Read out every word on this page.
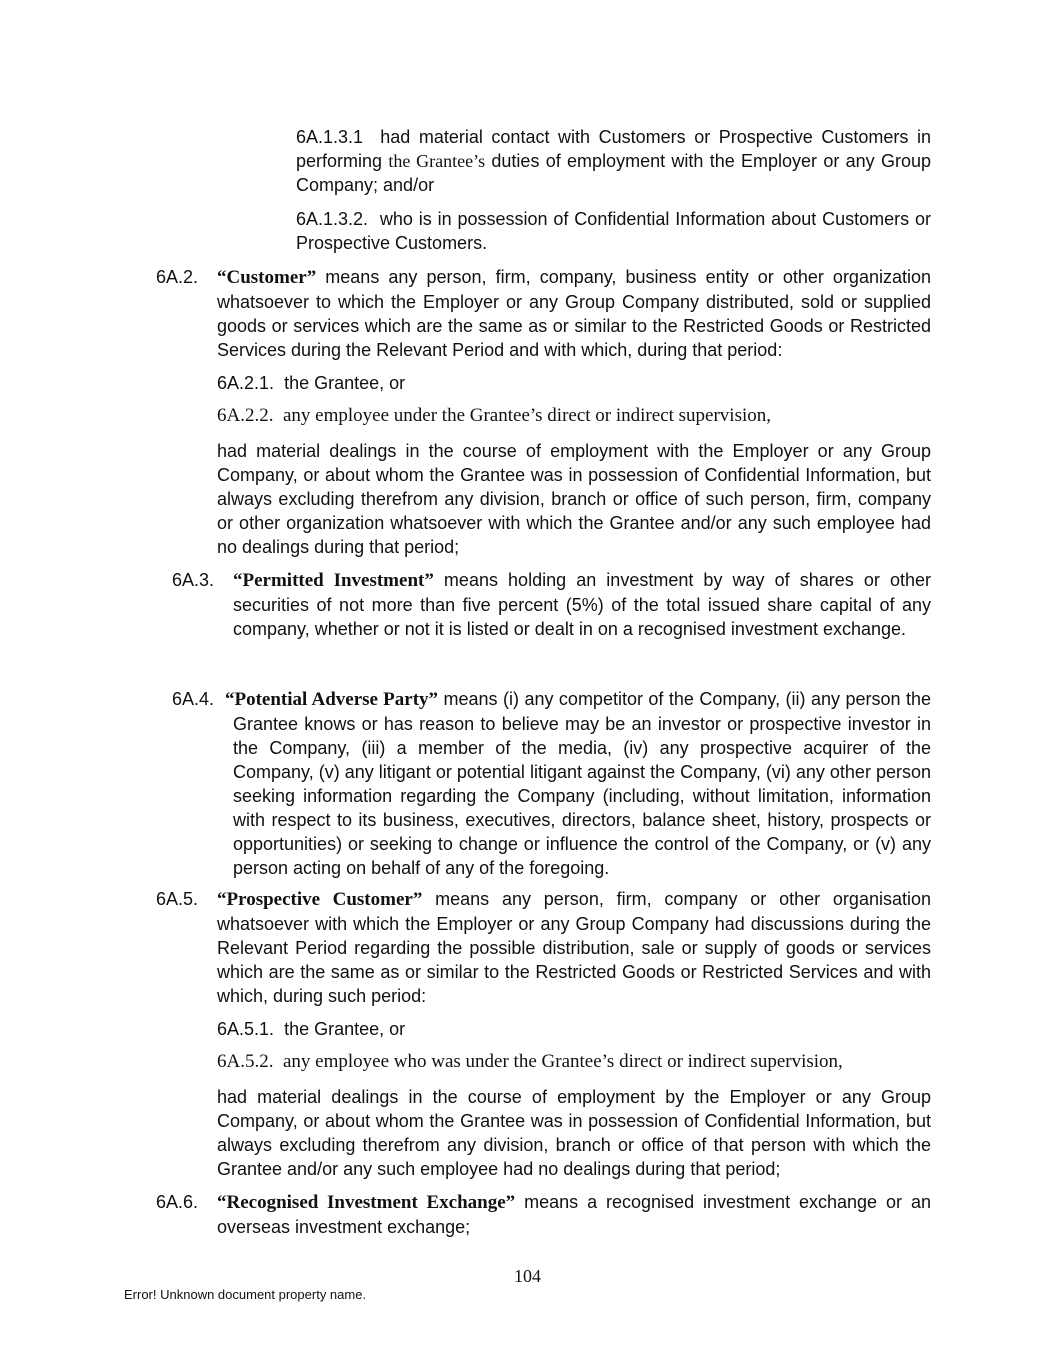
6A.1.3.1 had material contact with Customers or Prospective Customers in performing the Grantee’s duties of employment with the Employer or any Group Company; and/or

6A.1.3.2. who is in possession of Confidential Information about Customers or Prospective Customers.

6A.2. “Customer” means any person, firm, company, business entity or other organization whatsoever to which the Employer or any Group Company distributed, sold or supplied goods or services which are the same as or similar to the Restricted Goods or Restricted Services during the Relevant Period and with which, during that period:

6A.2.1. the Grantee, or

6A.2.2. any employee under the Grantee’s direct or indirect supervision,

had material dealings in the course of employment with the Employer or any Group Company, or about whom the Grantee was in possession of Confidential Information, but always excluding therefrom any division, branch or office of such person, firm, company or other organization whatsoever with which the Grantee and/or any such employee had no dealings during that period;

6A.3. “Permitted Investment” means holding an investment by way of shares or other securities of not more than five percent (5%) of the total issued share capital of any company, whether or not it is listed or dealt in on a recognised investment exchange.

6A.4. “Potential Adverse Party” means (i) any competitor of the Company, (ii) any person the Grantee knows or has reason to believe may be an investor or prospective investor in the Company, (iii) a member of the media, (iv) any prospective acquirer of the Company, (v) any litigant or potential litigant against the Company, (vi) any other person seeking information regarding the Company (including, without limitation, information with respect to its business, executives, directors, balance sheet, history, prospects or opportunities) or seeking to change or influence the control of the Company, or (v) any person acting on behalf of any of the foregoing.

6A.5. “Prospective Customer” means any person, firm, company or other organisation whatsoever with which the Employer or any Group Company had discussions during the Relevant Period regarding the possible distribution, sale or supply of goods or services which are the same as or similar to the Restricted Goods or Restricted Services and with which, during such period:

6A.5.1. the Grantee, or

6A.5.2. any employee who was under the Grantee’s direct or indirect supervision,

had material dealings in the course of employment by the Employer or any Group Company, or about whom the Grantee was in possession of Confidential Information, but always excluding therefrom any division, branch or office of that person with which the Grantee and/or any such employee had no dealings during that period;

6A.6. “Recognised Investment Exchange” means a recognised investment exchange or an overseas investment exchange;

104
Error! Unknown document property name.
